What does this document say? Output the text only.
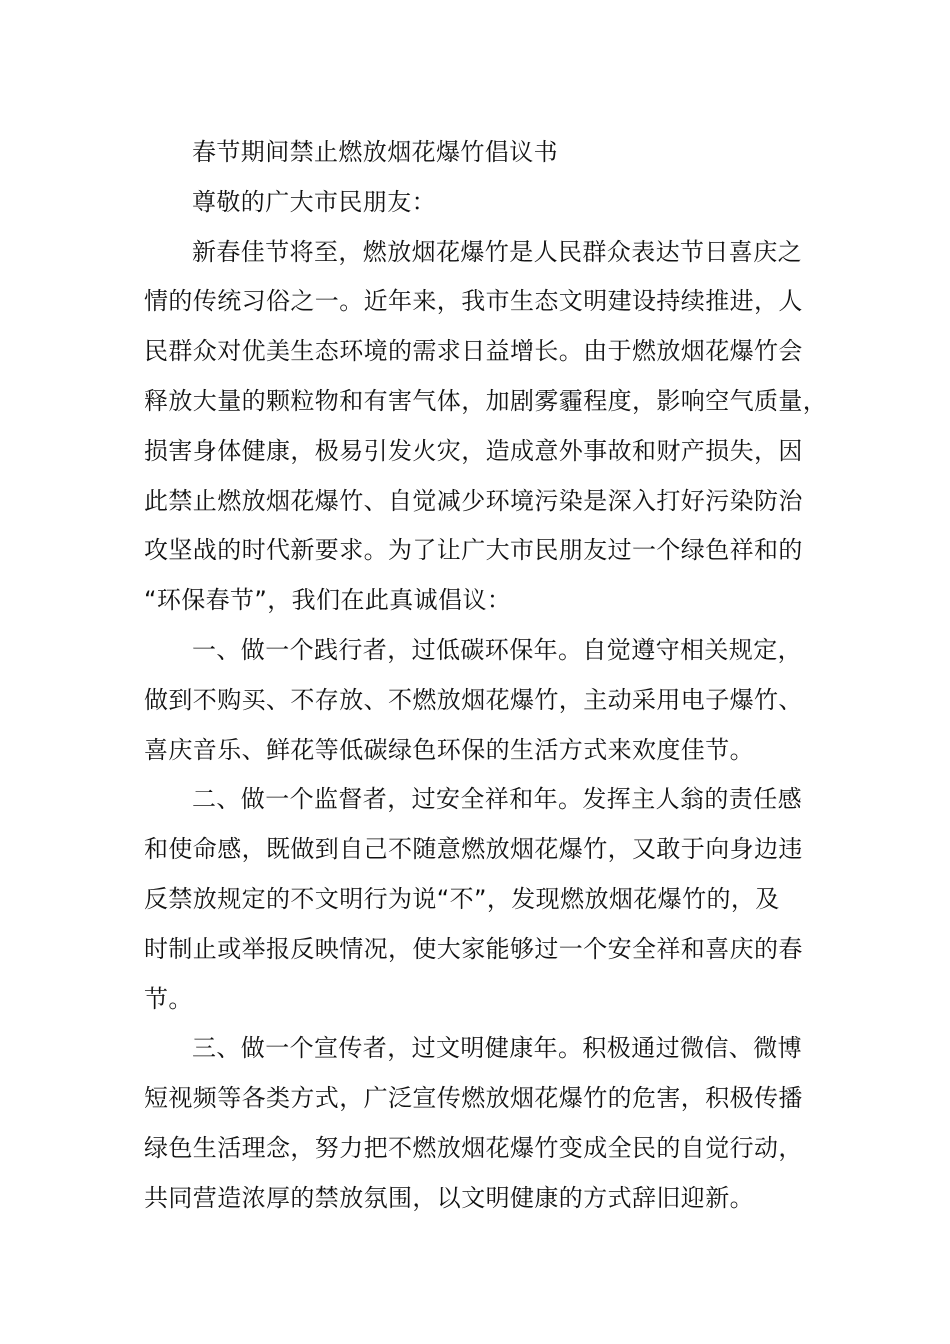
春节期间禁止燃放烟花爆竹倡议书

尊敬的广大市民朋友：

新春佳节将至，燃放烟花爆竹是人民群众表达节日喜庆之

情的传统习俗之一。近年来，我市生态文明建设持续推进，人

民群众对优美生态环境的需求日益增长。由于燃放烟花爆竹会

释放大量的颗粒物和有害气体，加剧雾霾程度，影响空气质量，

损害身体健康，极易引发火灾，造成意外事故和财产损失，因

此禁止燃放烟花爆竹、自觉减少环境污染是深入打好污染防治

攻坚战的时代新要求。为了让广大市民朋友过一个绿色祥和的

“环保春节”，我们在此真诚倡议：

一、做一个践行者，过低碳环保年。自觉遵守相关规定，

做到不购买、不存放、不燃放烟花爆竹，主动采用电子爆竹、

喜庆音乐、鲜花等低碳绿色环保的生活方式来欢度佳节。

二、做一个监督者，过安全祥和年。发挥主人翁的责任感

和使命感，既做到自己不随意燃放烟花爆竹，又敢于向身边违

反禁放规定的不文明行为说“不”，发现燃放烟花爆竹的，及

时制止或举报反映情况，使大家能够过一个安全祥和喜庆的春

节。

三、做一个宣传者，过文明健康年。积极通过微信、微博

短视频等各类方式，广泛宣传燃放烟花爆竹的危害，积极传播

绿色生活理念，努力把不燃放烟花爆竹变成全民的自觉行动，

共同营造浓厚的禁放氛围，以文明健康的方式辞旧迎新。
